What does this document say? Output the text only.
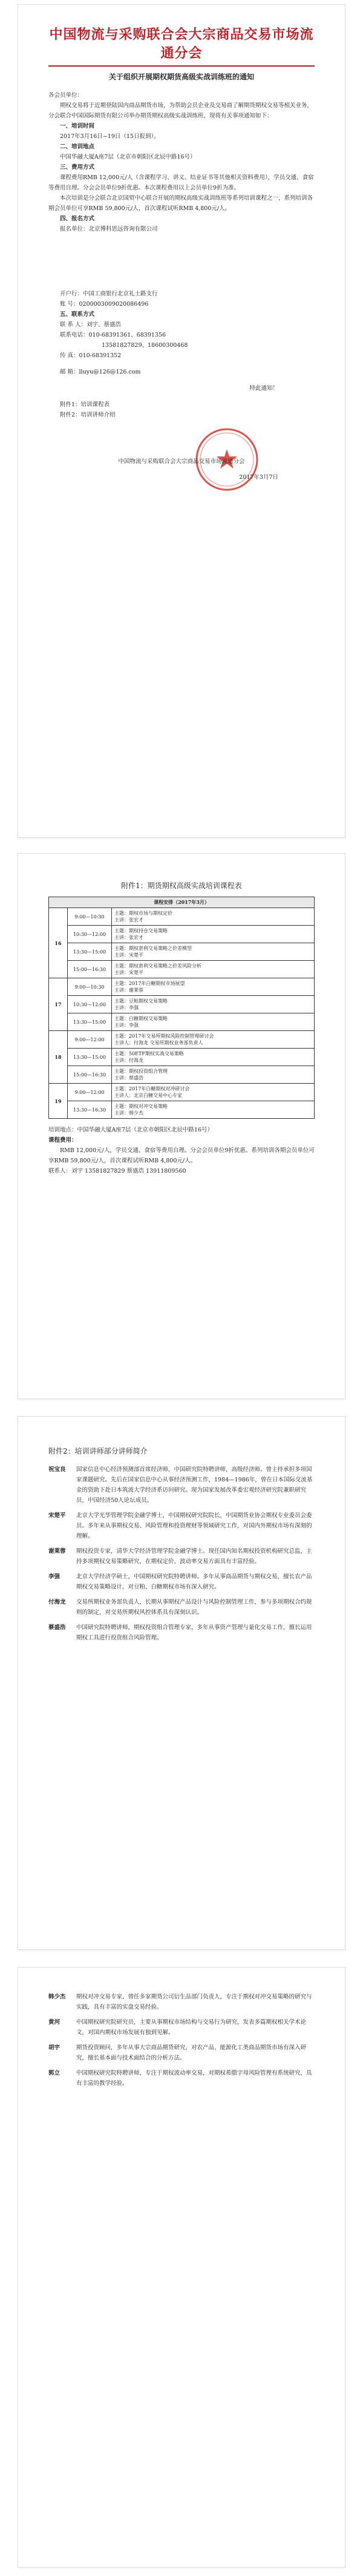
中国物流与采购联合会大宗商品交易市场流通分会
关于组织开展期权期货高级实战训练班的通知

各会员单位：

期权交易将于近期登陆国内商品期货市场，为帮助会员企业及交易商了解期货期权交易等相关业务，分会联合中国国际期货有限公司举办期货期权高级实战训练班，现将有关事项通知如下：

一、培训时间

2017年3月16日~19日（15日报到）。

二、培训地点

中国华融大厦A座7层（北京市朝阳区北辰中路16号）

三、费用方式

课程费用RMB 12,000元/人（含课程学习、讲义、结业证书等其他相关资料费用），学员交通、食宿等费用自理。分会会员单位9折优惠。本次课程费用以上会员单位9折为准。

本次培训是分会联合北京国贸中心联合开展的期权高级实战训练班等系列培训课程之一，系列培训各期会员单位可享RMB 59,800元/人，首次课程试听RMB 4,800元/人。

四、报名方式

报名单位：北京博科思远咨询有限公司

开户行：中国工商银行北京礼士路支行

账 号：0200003009020086496

五、联系方式

联 系 人：刘宇、蔡盛浩

联系电话：010-68391361、68391356

13581827829、18600300468

传 真：010-68391352

邮 箱：lluyu@126@126.com

特此通知！

附件1：培训课程表

附件2：培训讲师介绍

中国物流与采购联合会大宗商品交易市场流通分会
2017年3月7日
附件1：期货期权高级实战培训课程表
课程安排（2017年3月）		
16	9:00—10:30	主题：期权市场与期权定价
主讲：张宏才

	10:30—12:00	主题：期权持仓交易策略
主讲：张宏才

	13:30—15:00	主题：期权套利交易策略之价差模型
主讲：宋楚平

	15:00—16:30	主题：期权套利交易策略之价差风险分析
主讲：宋楚平

17	9:00—10:30	主题：2017年白糖期权市场展望
主讲：谢莱蓉

	10:30—12:00	主题：豆粕期权交易策略
主讲：李强

	13:30—15:00	主题：白糖期权交易策略
主讲：李强

18	9:00—12:00	主题：2017年交易所期权风险控制管理研讨会
主讲人：付海龙 交易所期权业务部负责人

	13:30—15:00	主题：50ETF期权实战交易策略
主讲：付海龙

	15:00—16:30	主题：期权投资组合管理
主讲：蔡盛浩

19	9:00—12:00	主题：2017年白糖期权对冲研讨会
主讲人：北京白糖交易中心专家

	13:30—16:30	主题：期权对冲交易策略
主讲：韩少杰

培训地点：中国华融大厦A座7层（北京市朝阳区北辰中路16号）

课程费用：

RMB 12,000元/人，学员交通、食宿等费用自理。分会会员单位9折优惠。系列培训各期会员单位可享RMB 59,800元/人，首次课程试听RMB 4,800元/人。

联系人：刘宇 13581827829 蔡盛浩 13911809560

附件2：培训讲师部分讲师简介
祝宝良	国家信息中心经济预测部首席经济师，中国研究院特聘讲师，高级经济师。曾主持承担多项国家课题研究。先后在国家信息中心从事经济预测工作，1984—1986年，曾在日本国际交流基金的资助下赴日本筑波大学经济系访问研究。现为国家发展改革委宏观经济研究院兼职研究员，中国经济50人论坛成员。
宋楚平	北京大学光华管理学院金融学博士，中国期权研究院院长，中国期货业协会期权专业委员会委员。多年来从事期权交易、风险管理和投资理财等领域研究工作，对国内外期权市场有深刻的理解。
谢莱蓉	期权投资专家，清华大学经济管理学院金融学博士。现任国内知名期权投资机构研究总监，主持多项期权交易策略研究，在期权定价、波动率交易方面具有丰富经验。
李强	北京大学经济学硕士，中国期权研究院特聘讲师。多年从事商品期货与期权交易，擅长农产品期权交易策略设计，对豆粕、白糖期权市场有深入研究。
付海龙	交易所期权业务部负责人，长期从事期权产品设计与风险控制管理工作，参与多项期权合约规则的制定，对交易所期权风控体系具有深刻认识。
蔡盛浩	中国研究院特聘讲师，期权投资组合管理专家，多年从事资产管理与量化交易工作，擅长运用期权工具进行投资组合风险管理。
韩少杰	期权对冲交易专家，曾任多家期货公司衍生品部门负责人，专注于期权对冲交易策略的研究与实践，具有丰富的实盘交易经验。
黄河	中国期权研究院研究员，主要从事期权市场结构与交易行为研究，发表多篇期权相关学术论文，对国内期权市场发展有独到见解。
胡宇	期货投资顾问，多年从事大宗商品期货研究，对农产品、能源化工类商品期货市场有深入研究，擅长基本面与技术面结合的分析方法。
郭立	中国期权研究院特聘讲师，专注于期权波动率交易，对期权希腊字母风险管理有系统研究，具有丰富的教学经验。
